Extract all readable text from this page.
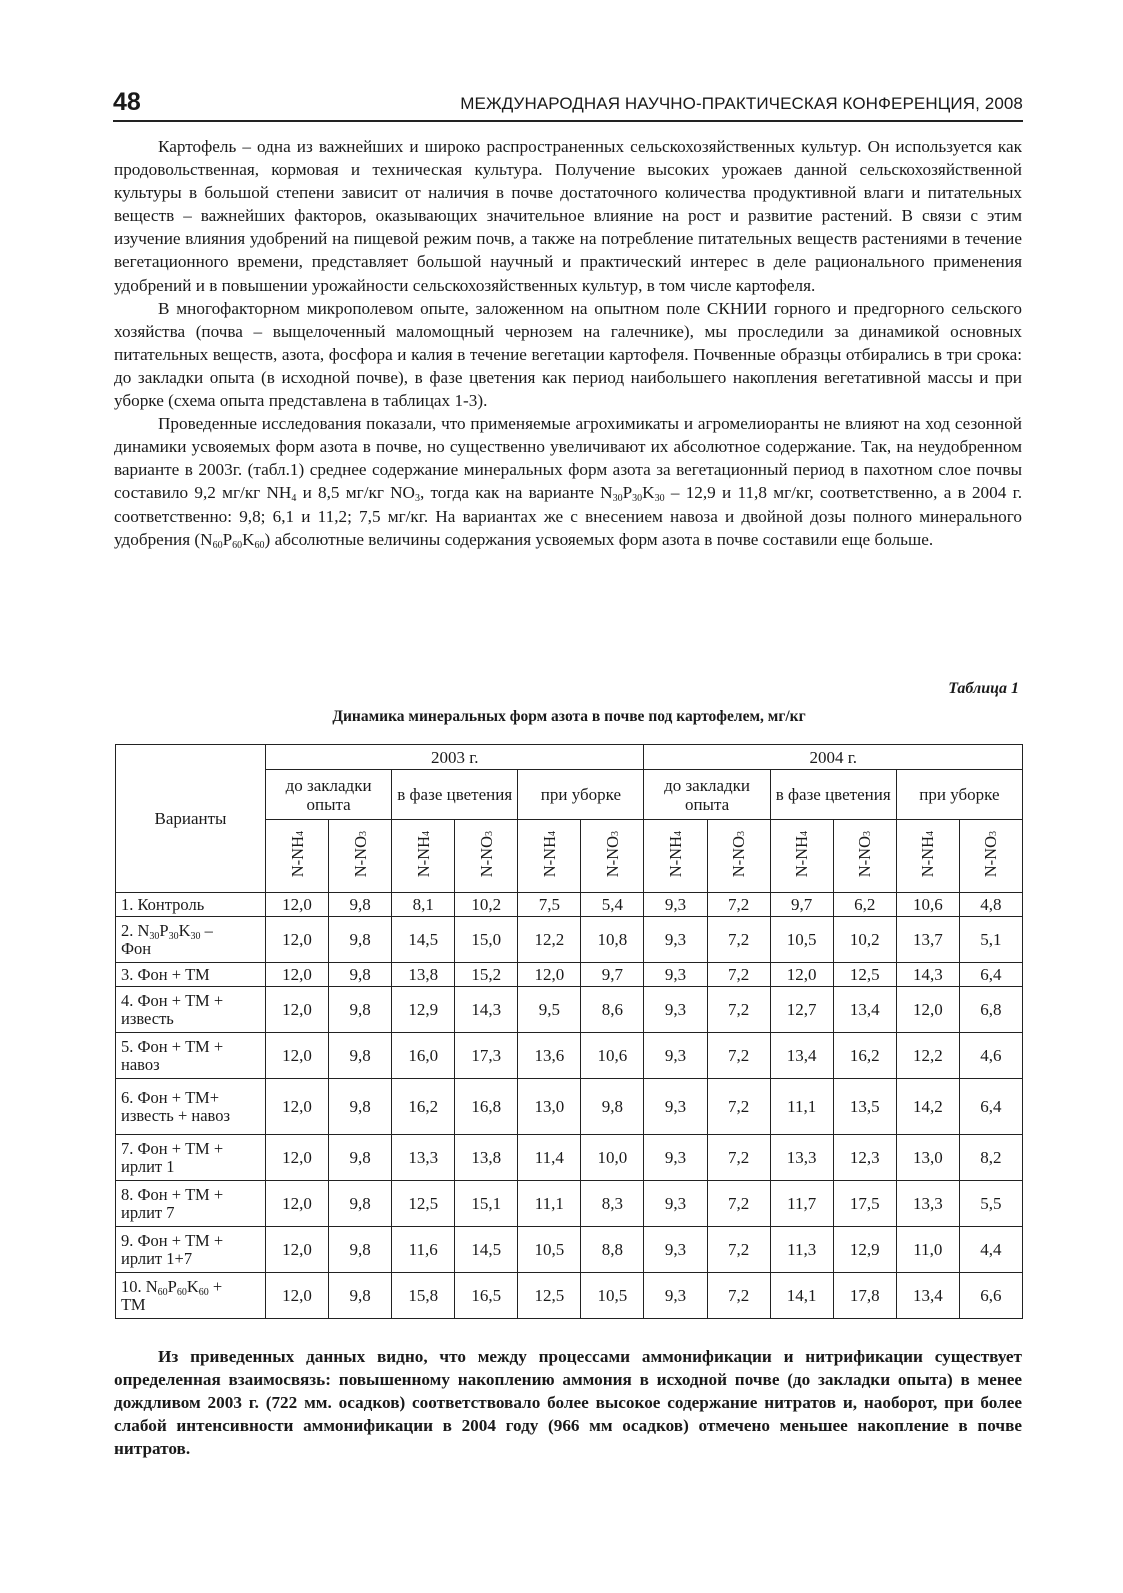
48	МЕЖДУНАРОДНАЯ НАУЧНО-ПРАКТИЧЕСКАЯ КОНФЕРЕНЦИЯ, 2008

Картофель – одна из важнейших и широко распространенных сельскохозяйственных культур. Он используется как продовольственная, кормовая и техническая культура. Получение высоких урожаев данной сельскохозяйственной культуры в большой степени зависит от наличия в почве достаточного количества продуктивной влаги и питательных веществ – важнейших факторов, оказывающих значительное влияние на рост и развитие растений. В связи с этим изучение влияния удобрений на пищевой режим почв, а также на потребление питательных веществ растениями в течение вегетационного времени, представляет большой научный и практический интерес в деле рационального применения удобрений и в повышении урожайности сельскохозяйственных культур, в том числе картофеля.

В многофакторном микрополевом опыте, заложенном на опытном поле СКНИИ горного и предгорного сельского хозяйства (почва – выщелоченный маломощный чернозем на галечнике), мы проследили за динамикой основных питательных веществ, азота, фосфора и калия в течение вегетации картофеля. Почвенные образцы отбирались в три срока: до закладки опыта (в исходной почве), в фазе цветения как период наибольшего накопления вегетативной массы и при уборке (схема опыта представлена в таблицах 1-3).

Проведенные исследования показали, что применяемые агрохимикаты и агромелиоранты не влияют на ход сезонной динамики усвояемых форм азота в почве, но существенно увеличивают их абсолютное содержание. Так, на неудобренном варианте в 2003г. (табл.1) среднее содержание минеральных форм азота за вегетационный период в пахотном слое почвы составило 9,2 мг/кг $NH_4$ и 8,5 мг/кг $NO_3$, тогда как на варианте $N_{30}P_{30}K_{30} - 12,9$ и 11,8 мг/кг, соответственно, а в 2004 г. соответственно: 9,8; 6,1 и 11,2; 7,5 мг/кг. На вариантах же с внесением навоза и двойной дозы полного минерального удобрения $(N_{60}P_{60}K_{60})$ абсолютные величины содержания усвояемых форм азота в почве составили еще больше.

Таблица 1
Динамика минеральных форм азота в почве под картофелем, мг/кг
Варианты	2003 г.						2004 г.					
	до закладки опыта		в фазе цветения		при уборке		до закладки опыта		в фазе цветения		при уборке	
	$N-NH_4$	$N-NO_3$	$N-NH_4$	$N-NO_3$	$N-NH_4$	$N-NO_3$	$N-NH_4$	$N-NO_3$	$N-NH_4$	$N-NO_3$	$N-NH_4$	$N-NO_3$
1. Контроль	12,0	9,8	8,1	10,2	7,5	5,4	9,3	7,2	9,7	6,2	10,6	4,8
2. $N_{30}P_{30}K_{30}$ –
Фон	12,0	9,8	14,5	15,0	12,2	10,8	9,3	7,2	10,5	10,2	13,7	5,1
3. Фон + ТМ	12,0	9,8	13,8	15,2	12,0	9,7	9,3	7,2	12,0	12,5	14,3	6,4
4. Фон + ТМ + известь	12,0	9,8	12,9	14,3	9,5	8,6	9,3	7,2	12,7	13,4	12,0	6,8
5. Фон + ТМ + навоз	12,0	9,8	16,0	17,3	13,6	10,6	9,3	7,2	13,4	16,2	12,2	4,6
6. Фон + ТМ+ известь + навоз	12,0	9,8	16,2	16,8	13,0	9,8	9,3	7,2	11,1	13,5	14,2	6,4
7. Фон + ТМ + ирлит 1	12,0	9,8	13,3	13,8	11,4	10,0	9,3	7,2	13,3	12,3	13,0	8,2
8. Фон + ТМ + ирлит 7	12,0	9,8	12,5	15,1	11,1	8,3	9,3	7,2	11,7	17,5	13,3	5,5
9. Фон + ТМ + ирлит 1+7	12,0	9,8	11,6	14,5	10,5	8,8	9,3	7,2	11,3	12,9	11,0	4,4
10. $N_{60}P_{60}K_{60}$ +
ТМ	12,0	9,8	15,8	16,5	12,5	10,5	9,3	7,2	14,1	17,8	13,4	6,6

Из приведенных данных видно, что между процессами аммонификации и нитрификации существует определенная взаимосвязь: повышенному накоплению аммония в исходной почве (до закладки опыта) в менее дождливом 2003 г. (722 мм. осадков) соответствовало более высокое содержание нитратов и, наоборот, при более слабой интенсивности аммонификации в 2004 году (966 мм осадков) отмечено меньшее накопление в почве нитратов.
